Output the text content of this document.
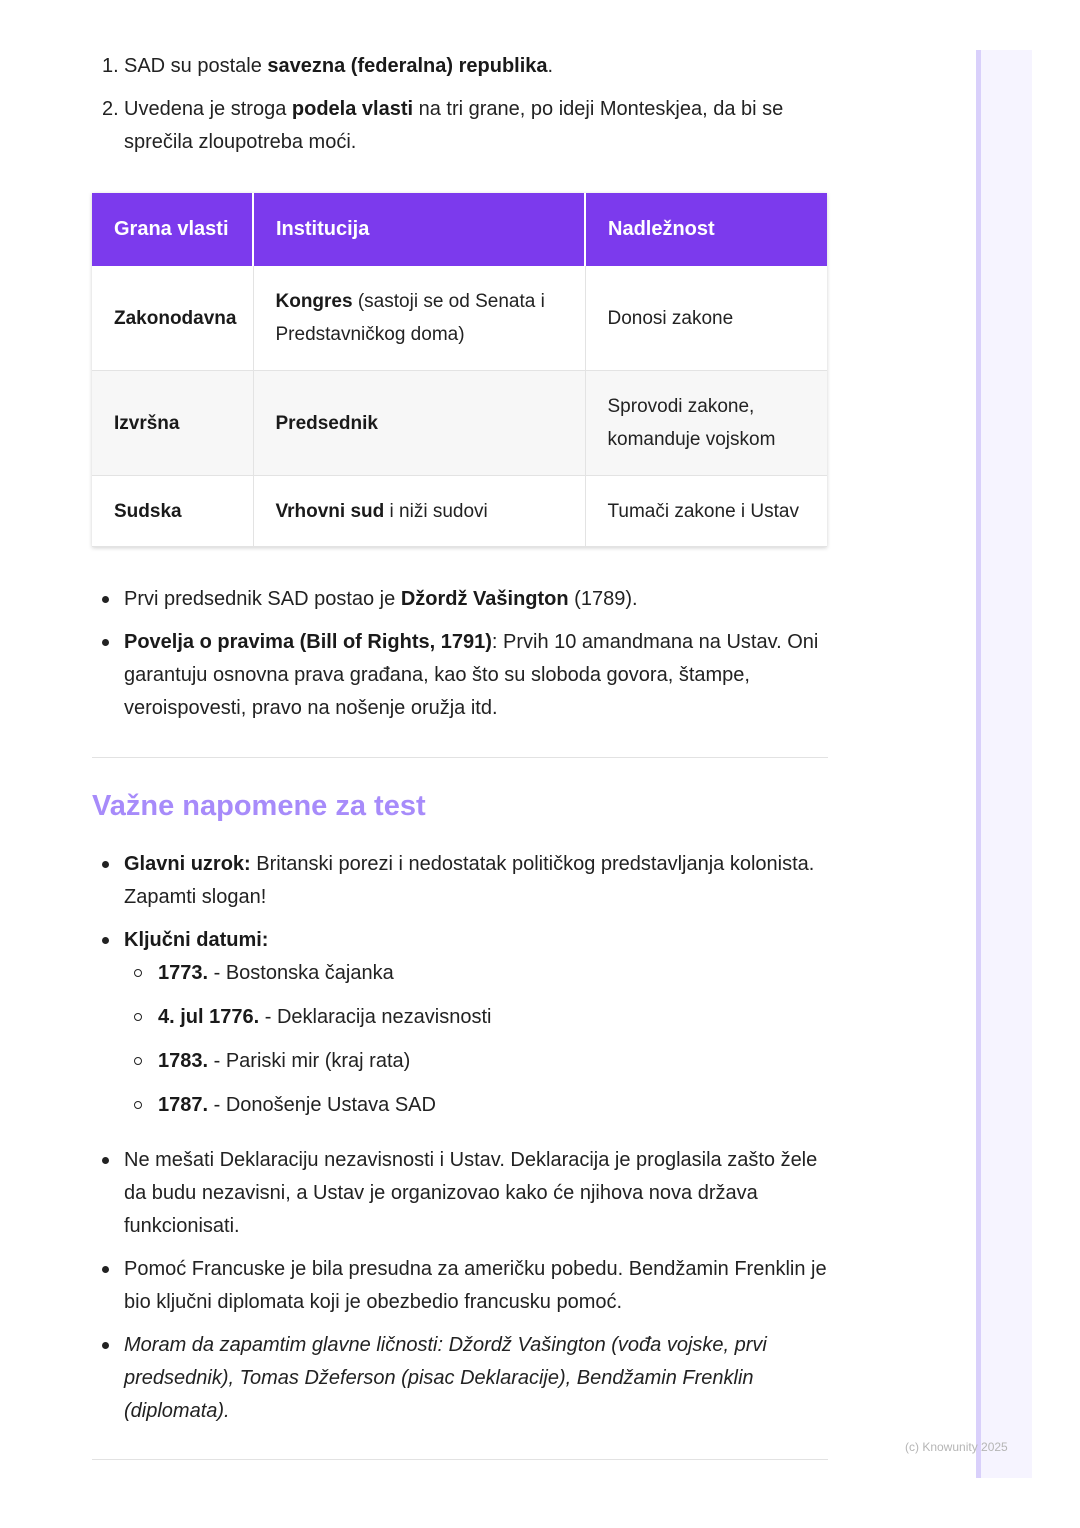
1. SAD su postale savezna (federalna) republika.
2. Uvedena je stroga podela vlasti na tri grane, po ideji Monteskjea, da bi se sprečila zloupotreba moći.
Grana vlasti	Institucija	Nadležnost
Zakonodavna	Kongres (sastoji se od Senata i Predstavničkog doma)	Donosi zakone
Izvršna	Predsednik	Sprovodi zakone, komanduje vojskom
Sudska	Vrhovni sud i niži sudovi	Tumači zakone i Ustav
Prvi predsednik SAD postao je Džordž Vašington (1789).
Povelja o pravima (Bill of Rights, 1791): Prvih 10 amandmana na Ustav. Oni garantuju osnovna prava građana, kao što su sloboda govora, štampe, veroispovesti, pravo na nošenje oružja itd.
Važne napomene za test
Glavni uzrok: Britanski porezi i nedostatak političkog predstavljanja kolonista. Zapamti slogan!
Ključni datumi:
1773. - Bostonska čajanka
4. jul 1776. - Deklaracija nezavisnosti
1783. - Pariski mir (kraj rata)
1787. - Donošenje Ustava SAD
Ne mešati Deklaraciju nezavisnosti i Ustav. Deklaracija je proglasila zašto žele da budu nezavisni, a Ustav je organizovao kako će njihova nova država funkcionisati.
Pomoć Francuske je bila presudna za američku pobedu. Bendžamin Frenklin je bio ključni diplomata koji je obezbedio francusku pomoć.
Moram da zapamtim glavne ličnosti: Džordž Vašington (vođa vojske, prvi predsednik), Tomas Džeferson (pisac Deklaracije), Bendžamin Frenklin (diplomata).
(c) Knowunity 2025
